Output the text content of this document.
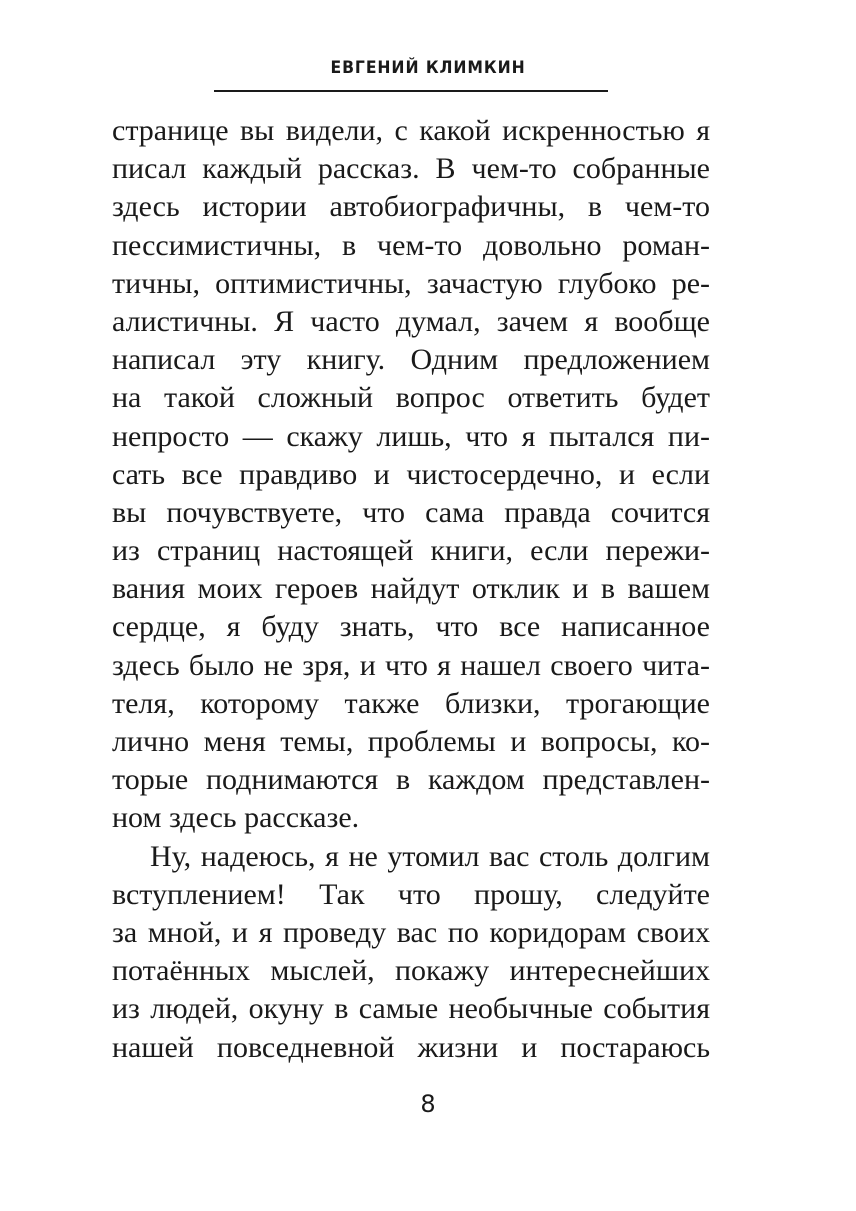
ЕВГЕНИЙ КЛИМКИН
странице вы видели, с какой искренностью я
писал каждый рассказ. В чем-то собранные
здесь истории автобиографичны, в чем-то
пессимистичны, в чем-то довольно роман-
тичны, оптимистичны, зачастую глубоко ре-
алистичны. Я часто думал, зачем я вообще
написал эту книгу. Одним предложением
на такой сложный вопрос ответить будет
непросто — скажу лишь, что я пытался пи-
сать все правдиво и чистосердечно, и если
вы почувствуете, что сама правда сочится
из страниц настоящей книги, если пережи-
вания моих героев найдут отклик и в вашем
сердце, я буду знать, что все написанное
здесь было не зря, и что я нашел своего чита-
теля, которому также близки, трогающие
лично меня темы, проблемы и вопросы, ко-
торые поднимаются в каждом представлен-
ном здесь рассказе.
Ну, надеюсь, я не утомил вас столь долгим
вступлением! Так что прошу, следуйте
за мной, и я проведу вас по коридорам своих
потаённых мыслей, покажу интереснейших
из людей, окуну в самые необычные события
нашей повседневной жизни и постараюсь
8
